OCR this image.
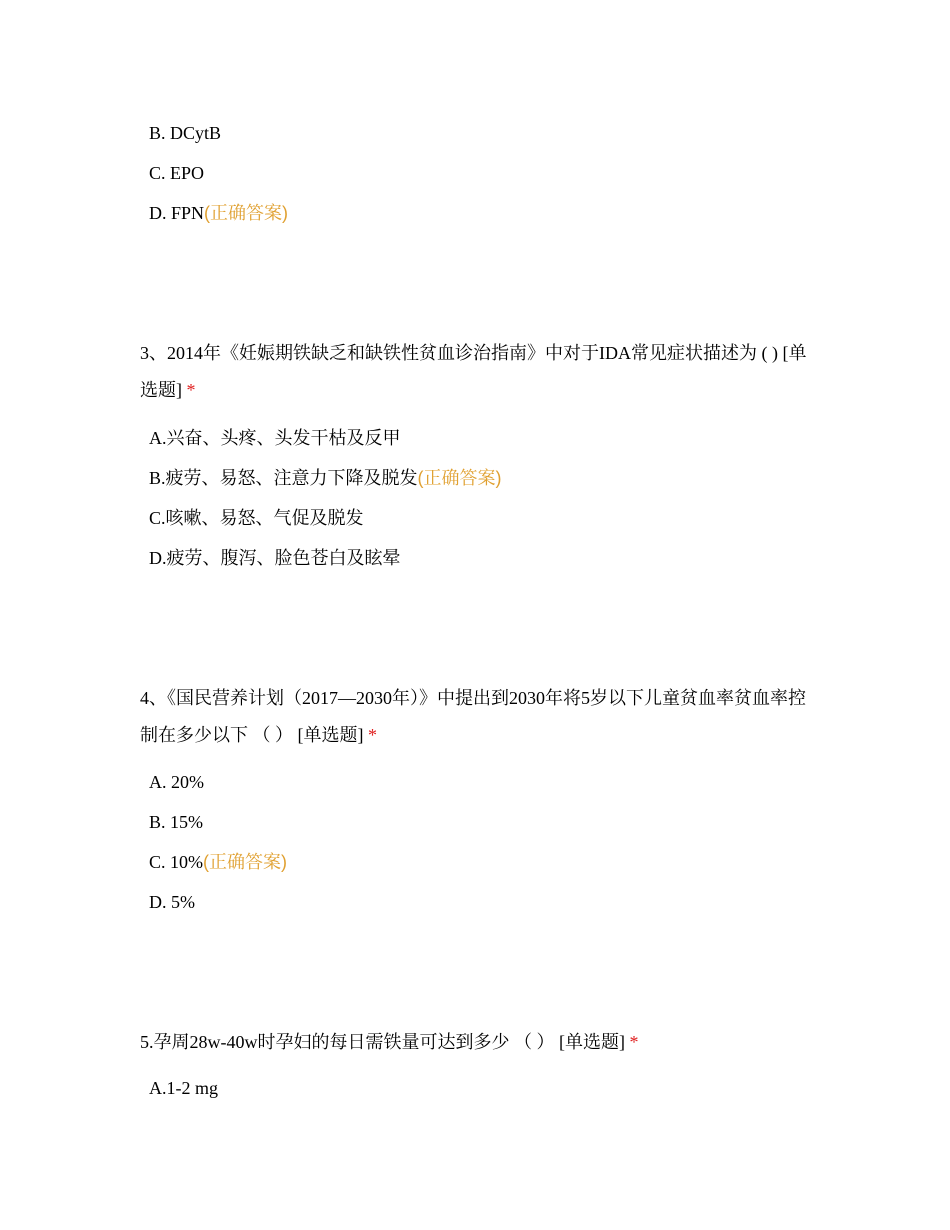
B. DCytB
C. EPO
D. FPN(正确答案)
3、2014年《妊娠期铁缺乏和缺铁性贫血诊治指南》中对于IDA常见症状描述为 ( ) [单选题] *
A.兴奋、头疼、头发干枯及反甲
B.疲劳、易怒、注意力下降及脱发(正确答案)
C.咳嗽、易怒、气促及脱发
D.疲劳、腹泻、脸色苍白及眩晕
4、《国民营养计划（2017—2030年）》中提出到2030年将5岁以下儿童贫血率贫血率控制在多少以下 （ ） [单选题] *
A. 20%
B. 15%
C. 10%(正确答案)
D. 5%
5.孕周28w-40w时孕妇的每日需铁量可达到多少 （ ） [单选题] *
A.1-2 mg
